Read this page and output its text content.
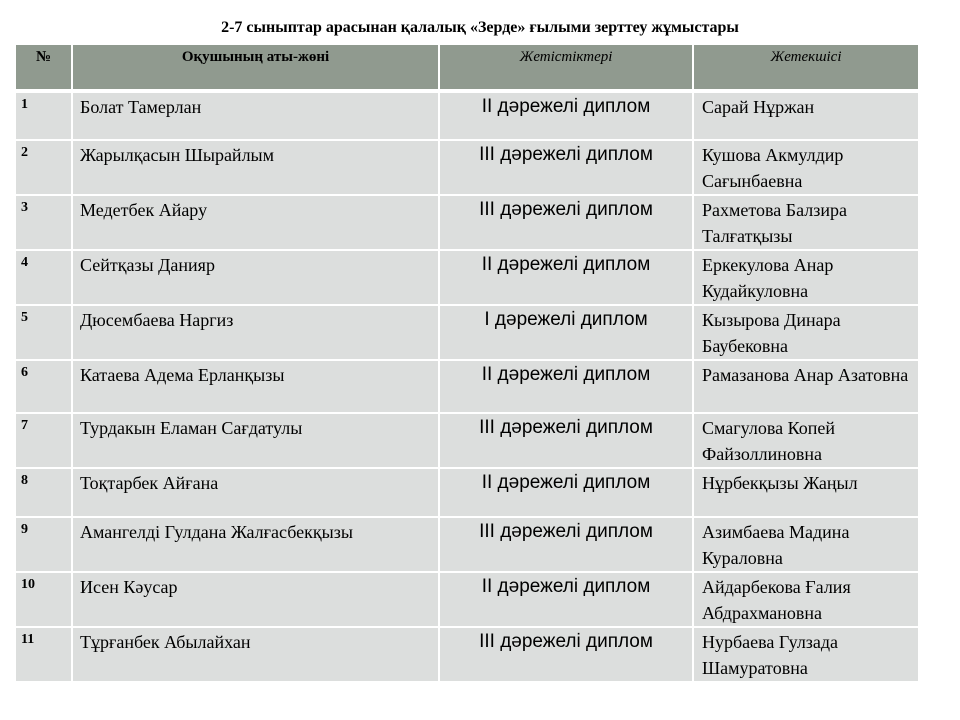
2-7 сыныптар арасынан қалалық «Зерде» ғылыми зерттеу жұмыстары
№	Оқушының аты-жөні	Жетістіктері	Жетекшісі
1	Болат Тамерлан	ІІ дәрежелі диплом	Сарай Нұржан
2	Жарылқасын Шырайлым	ІІІ дәрежелі диплом	Кушова Акмулдир Сағынбаевна
3	Медетбек Айару	ІІІ дәрежелі диплом	Рахметова Балзира Талғатқызы
4	Сейтқазы Данияр	ІІ дәрежелі диплом	Еркекулова Анар Кудайкуловна
5	Дюсембаева Наргиз	І дәрежелі диплом	Кызырова Динара Баубековна
6	Катаева Адема Ерланқызы	ІІ дәрежелі диплом	Рамазанова Анар Азатовна
7	Турдакын Еламан Сағдатулы	ІІІ дәрежелі диплом	Смагулова Копей Файзоллиновна
8	Тоқтарбек Айғана	ІІ дәрежелі диплом	Нұрбекқызы Жаңыл
9	Амангелді Гулдана Жалғасбекқызы	ІІІ дәрежелі диплом	Азимбаева Мадина Кураловна
10	Исен Кәусар	ІІ дәрежелі диплом	Айдарбекова Ғалия Абдрахмановна
11	Тұрғанбек Абылайхан	ІІІ дәрежелі диплом	Нурбаева Гулзада Шамуратовна
